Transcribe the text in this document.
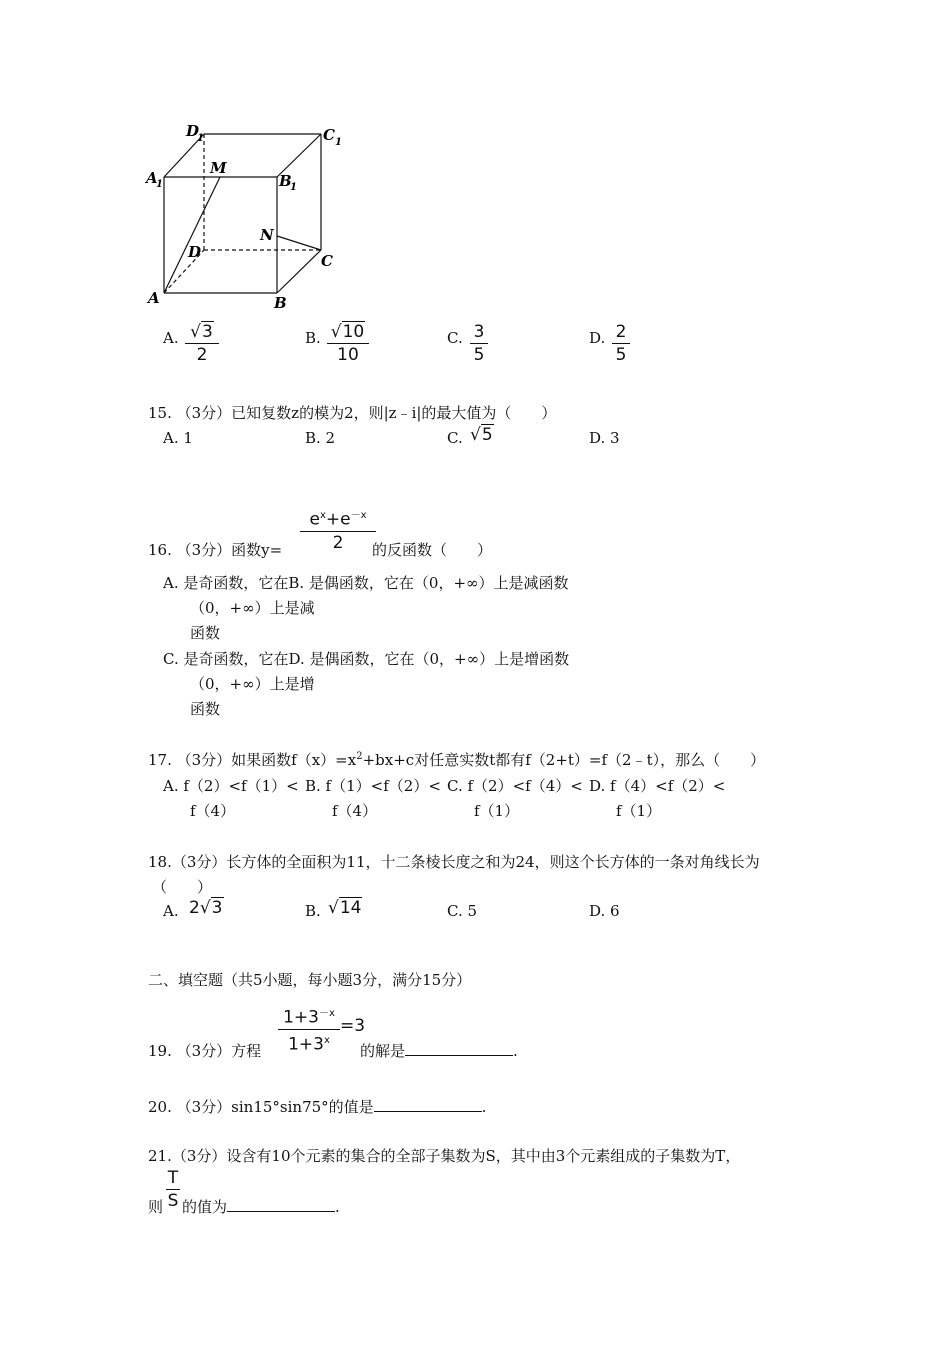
D
1	C 1
A
1
M
B
1
N
D	C
A	B
A. √3
2
B. √10
10
C. 3
5
D. 2
5
15. （3分）已知复数z的模为2，则|z﹣i|的最大值为（　　）
A. 1	B. 2	C. √5	D. 3
16. （3分）函数y=
$e^x+e^{-x}$
2	的反函数（　　）
A. 是奇函数，它在B. 是偶函数，它在（0，+∞）上是减函数
（0，+∞）上是减
函数
C. 是奇函数，它在D. 是偶函数，它在（0，+∞）上是增函数
（0，+∞）上是增
函数
17. （3分）如果函数$f(x)=x^2+bx+c$对任意实数t都有f（2+t）=f（2﹣t），那么（　　）
A. f（2）<f（1）< B. f（1）<f（2）< C. f（2）<f（4）< D. f（4）<f（2）<
f（4）	f（4）	f（1）	f（1）
18.（3分）长方体的全面积为11，十二条棱长度之和为24，则这个长方体的一条对角线长为
（　　）
A. 2√3	B. √14	C. 5	D. 6
二、填空题（共5小题，每小题3分，满分15分）
19. （3分）方程
$1+3^{-x}$
$1+3^x$
=3
的解是	.
20. （3分）sin15°sin75°的值是	.
21.（3分）设含有10个元素的集合的全部子集数为S，其中由3个元素组成的子集数为T，
则
T
S 的值为	.
